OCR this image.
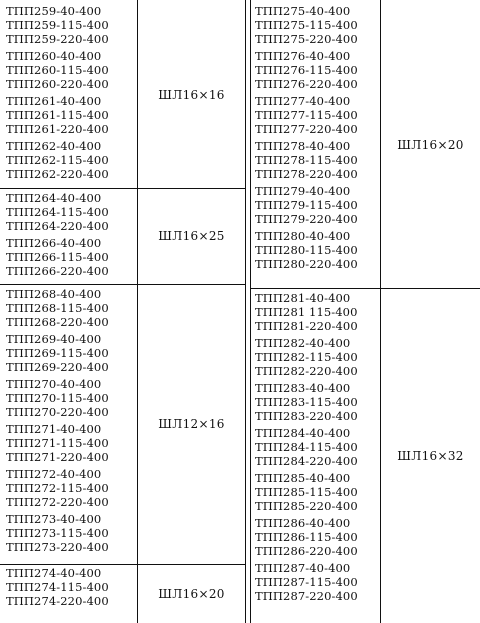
ТПП259-40-400
ТПП259-115-400
ТПП259-220-400
ТПП260-40-400
ТПП260-115-400
ТПП260-220-400
ТПП261-40-400
ТПП261-115-400
ТПП261-220-400
ТПП262-40-400
ТПП262-115-400
ТПП262-220-400
ШЛ16×16
ТПП264-40-400
ТПП264-115-400
ТПП264-220-400
ТПП266-40-400
ТПП266-115-400
ТПП266-220-400
ШЛ16×25
ТПП268-40-400
ТПП268-115-400
ТПП268-220-400
ТПП269-40-400
ТПП269-115-400
ТПП269-220-400
ТПП270-40-400
ТПП270-115-400
ТПП270-220-400
ТПП271-40-400
ТПП271-115-400
ТПП271-220-400
ТПП272-40-400
ТПП272-115-400
ТПП272-220-400
ТПП273-40-400
ТПП273-115-400
ТПП273-220-400
ШЛ12×16
ТПП274-40-400
ТПП274-115-400
ТПП274-220-400
ШЛ16×20
ТПП275-40-400
ТПП275-115-400
ТПП275-220-400
ТПП276-40-400
ТПП276-115-400
ТПП276-220-400
ТПП277-40-400
ТПП277-115-400
ТПП277-220-400
ТПП278-40-400
ТПП278-115-400
ТПП278-220-400
ТПП279-40-400
ТПП279-115-400
ТПП279-220-400
ТПП280-40-400
ТПП280-115-400
ТПП280-220-400
ШЛ16×20
ТПП281-40-400
ТПП281 115-400
ТПП281-220-400
ТПП282-40-400
ТПП282-115-400
ТПП282-220-400
ТПП283-40-400
ТПП283-115-400
ТПП283-220-400
ТПП284-40-400
ТПП284-115-400
ТПП284-220-400
ТПП285-40-400
ТПП285-115-400
ТПП285-220-400
ТПП286-40-400
ТПП286-115-400
ТПП286-220-400
ТПП287-40-400
ТПП287-115-400
ТПП287-220-400
ШЛ16×32
